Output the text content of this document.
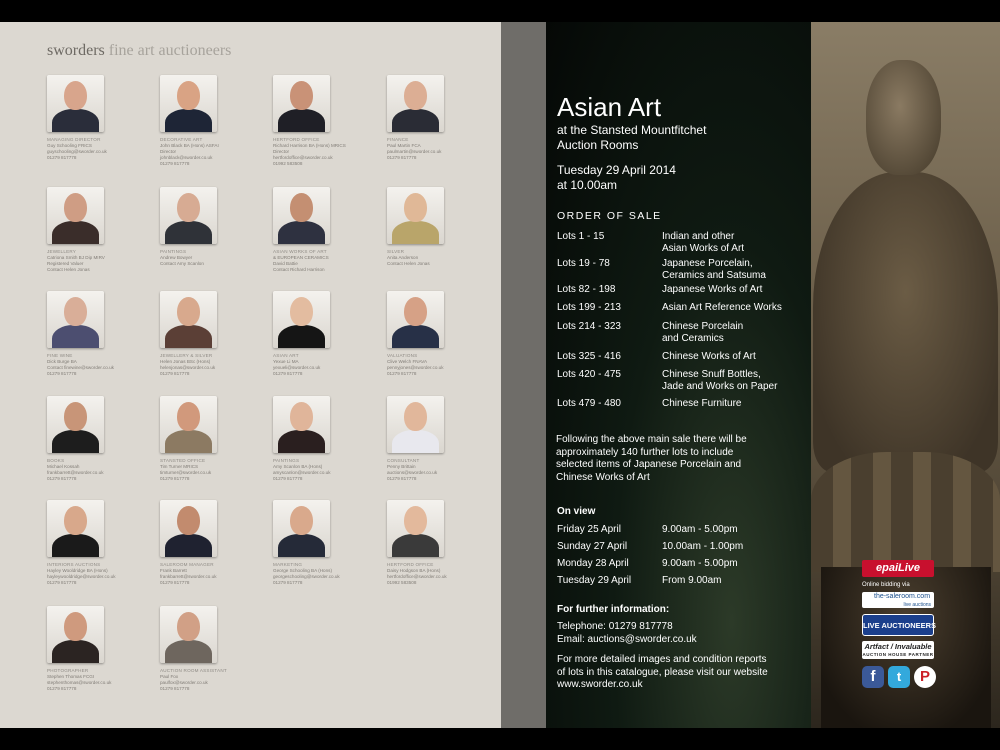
sworders fine art auctioneers
MANAGING DIRECTOR
Guy Schooling FRICS
guyschooling@sworder.co.uk
01279 817778
DECORATIVE ART
John Black BA (Hons) ASFAI
Director
johnblack@sworder.co.uk
01279 817778
HERTFORD OFFICE
Richard Harrison BA (Hons) MRICS
Director
hertfordoffice@sworder.co.uk
01992 583508
FINANCE
Paul Martin FCA
paulmartin@sworder.co.uk
01279 817778
JEWELLERY
Catriona Smith BJ Dip MIRV
Registered Valuer
Contact Helen Jonas
PAINTINGS
Andrew Bowyer
Contact Amy Scanlon
ASIAN WORKS OF ART
& EUROPEAN CERAMICS
David Battie
Contact Richard Harrison
SILVER
Anita Anderson
Contact Helen Jonas
FINE WINE
Dick Burge BA
Contact finewine@sworder.co.uk
01279 817778
JEWELLERY & SILVER
Helen Jonas BSc (Hons)
helenjonas@sworder.co.uk
01279 817778
ASIAN ART
Yexue Li MA
yexueli@sworder.co.uk
01279 817778
VALUATIONS
Clive Welch FNAVA
pennyjones@sworder.co.uk
01279 817778
BOOKS
Michael Kossah
frankbarrett@sworder.co.uk
01279 817778
STANSTED OFFICE
Tim Turner MRICS
timturner@sworder.co.uk
01279 817778
PAINTINGS
Amy Scanlon BA (Hons)
amyscanlon@sworder.co.uk
01279 817778
CONSULTANT
Penny Brittain
auctions@sworder.co.uk
01279 817778
INTERIORS AUCTIONS
Hayley Wooldridge BA (Hons)
hayleywooldridge@sworder.co.uk
01279 817778
SALEROOM MANAGER
Frank Barrett
frankbarrett@sworder.co.uk
01279 817778
MARKETING
George Schooling BA (Hons)
georgeschooling@sworder.co.uk
01279 817778
HERTFORD OFFICE
Daisy Hodgson BA (Hons)
hertfordoffice@sworder.co.uk
01992 583508
PHOTOGRAPHER
Stephen Thomas FCGI
stephenthomas@sworder.co.uk
01279 817778
AUCTION ROOM ASSISTANT
Paul Fox
paulfox@sworder.co.uk
01279 817778
Asian Art
at the Stansted Mountfitchet
Auction Rooms
Tuesday 29 April 2014
at 10.00am
ORDER OF SALE
Lots 1 - 15	Indian and other
Asian Works of Art
Lots 19 - 78	Japanese Porcelain,
Ceramics and Satsuma
Lots 82 - 198	Japanese Works of Art
Lots 199 - 213	Asian Art Reference Works
Lots 214 - 323	Chinese Porcelain
and Ceramics
Lots 325 - 416	Chinese Works of Art
Lots 420 - 475	Chinese Snuff Bottles,
Jade and Works on Paper
Lots 479 - 480	Chinese Furniture
Following the above main sale there will be
approximately 140 further lots to include
selected items of Japanese Porcelain and
Chinese Works of Art
On view
Friday 25 April	9.00am - 5.00pm
Sunday 27 April	10.00am - 1.00pm
Monday 28 April	9.00am - 5.00pm
Tuesday 29 April	From 9.00am
For further information:
Telephone: 01279 817778
Email: auctions@sworder.co.uk
For more detailed images and condition reports
of lots in this catalogue, please visit our website
www.sworder.co.uk
epaiLive
Online bidding via
the-saleroom.com
live auctions
LIVE AUCTIONEERS
Artfact / Invaluable
AUCTION HOUSE PARTNER
f	t	P
